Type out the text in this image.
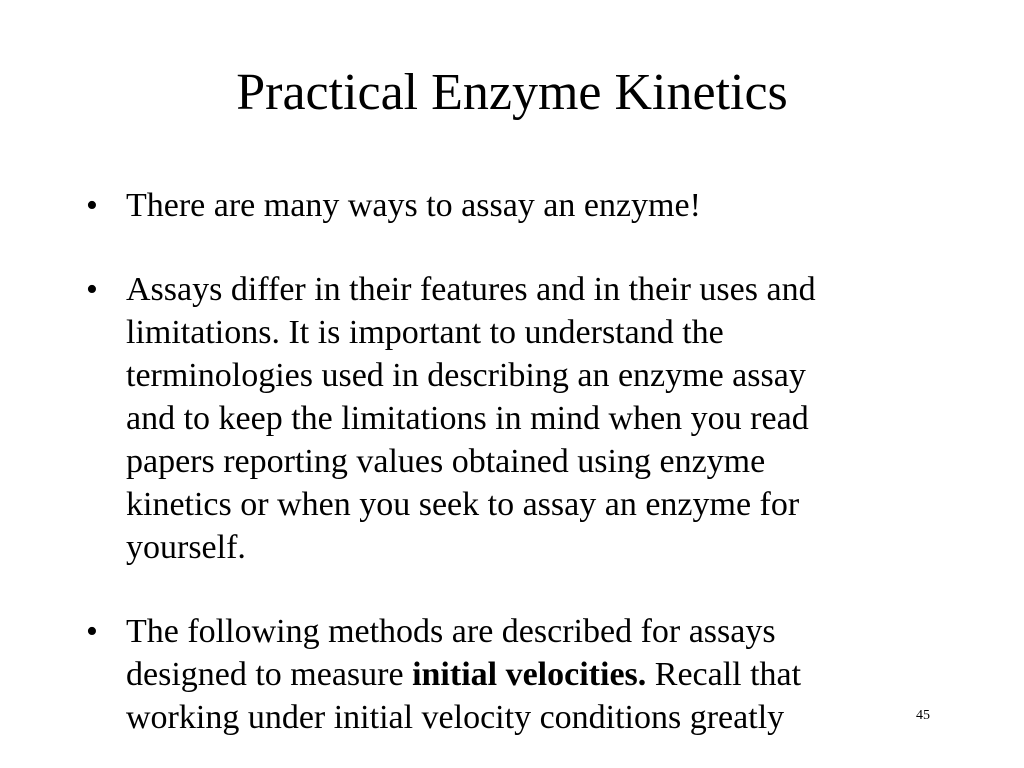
Practical Enzyme Kinetics
• There are many ways to assay an enzyme!
• Assays differ in their features and in their uses and
limitations. It is important to understand the
terminologies used in describing an enzyme assay
and to keep the limitations in mind when you read
papers reporting values obtained using enzyme
kinetics or when you seek to assay an enzyme for
yourself.
• The following methods are described for assays
designed to measure initial velocities. Recall that
working under initial velocity conditions greatly	45
